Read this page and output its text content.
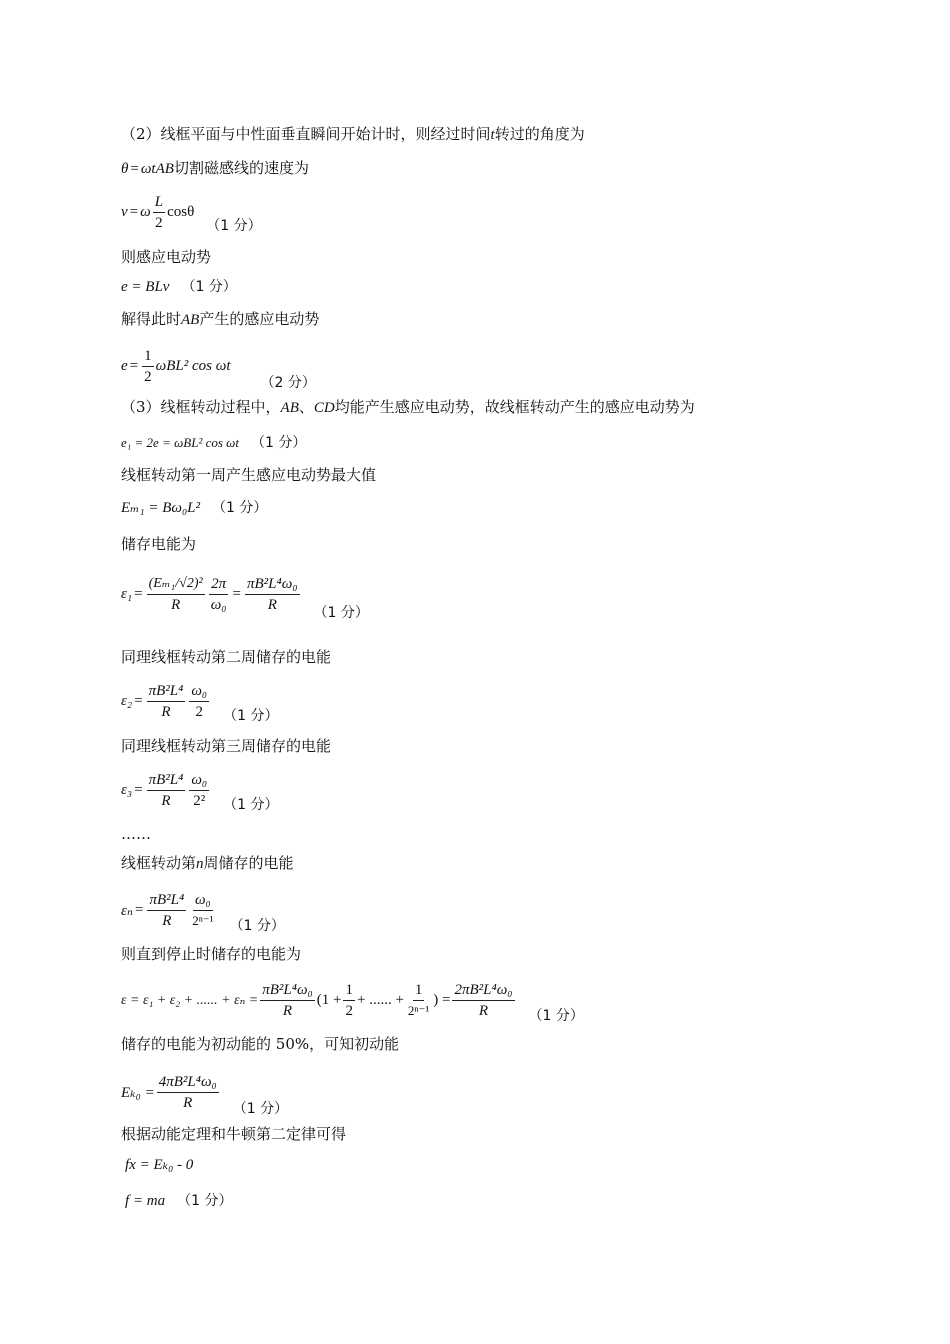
（2）线框平面与中性面垂直瞬间开始计时，则经过时间t转过的角度为
θ = ωtAB切割磁感线的速度为
v = ω $\frac{L}{2}$ cosθ
（1 分）
则感应电动势
e = BLv （1 分）
解得此时AB产生的感应电动势
$e = \frac{1}{2} \omega BL^2$ cos ωt
（2 分）
（3）线框转动过程中，AB、CD均能产生感应电动势，故线框转动产生的感应电动势为
e₁ = 2e = ωBL² cos ωt （1 分）
线框转动第一周产生感应电动势最大值
Eₘ₁ = Bω₀L² （1 分）
储存电能为
$\varepsilon_1 = \frac{\text{(Eₘ₁/√2)²}}{R} \frac{2\pi}{\text{ω₀}} = \frac{\text{πB²L⁴ω₀}}{R} (1$ 分）
同理线框转动第二周储存的电能
$\varepsilon_2 = \frac{\text{πB²L⁴}}{R} \frac{\text{ω₀}}{2} (1$ 分）
同理线框转动第三周储存的电能
$\varepsilon_3 = \frac{\text{πB²L⁴}}{R} \frac{\text{ω₀}}{\text{2²}} (1$ 分）
……
线框转动第n周储存的电能
$\varepsilon_n = \frac{\text{πB²L⁴}}{R} \frac{\text{ω₀}}{\text{2ⁿ⁻¹}} (1$ 分）
则直到停止时储存的电能为
ε = ε₁ + ε₂ + ...... + $\varepsilon_n = \frac{\text{πB²L⁴ω₀}}{R} (1 + \frac{1}{2}$ + ...... + $\frac{1}{\text{2ⁿ⁻¹}}$ ) = $\frac{\text{2πB²L⁴ω₀}}{R} (1$ 分）
储存的电能为初动能的 50%，可知初动能
$E_{k0} = \frac{\text{4πB²L⁴ω₀}}{R} (1$ 分）
根据动能定理和牛顿第二定律可得
fx = Eₖ₀ - 0
f = ma （1 分）
